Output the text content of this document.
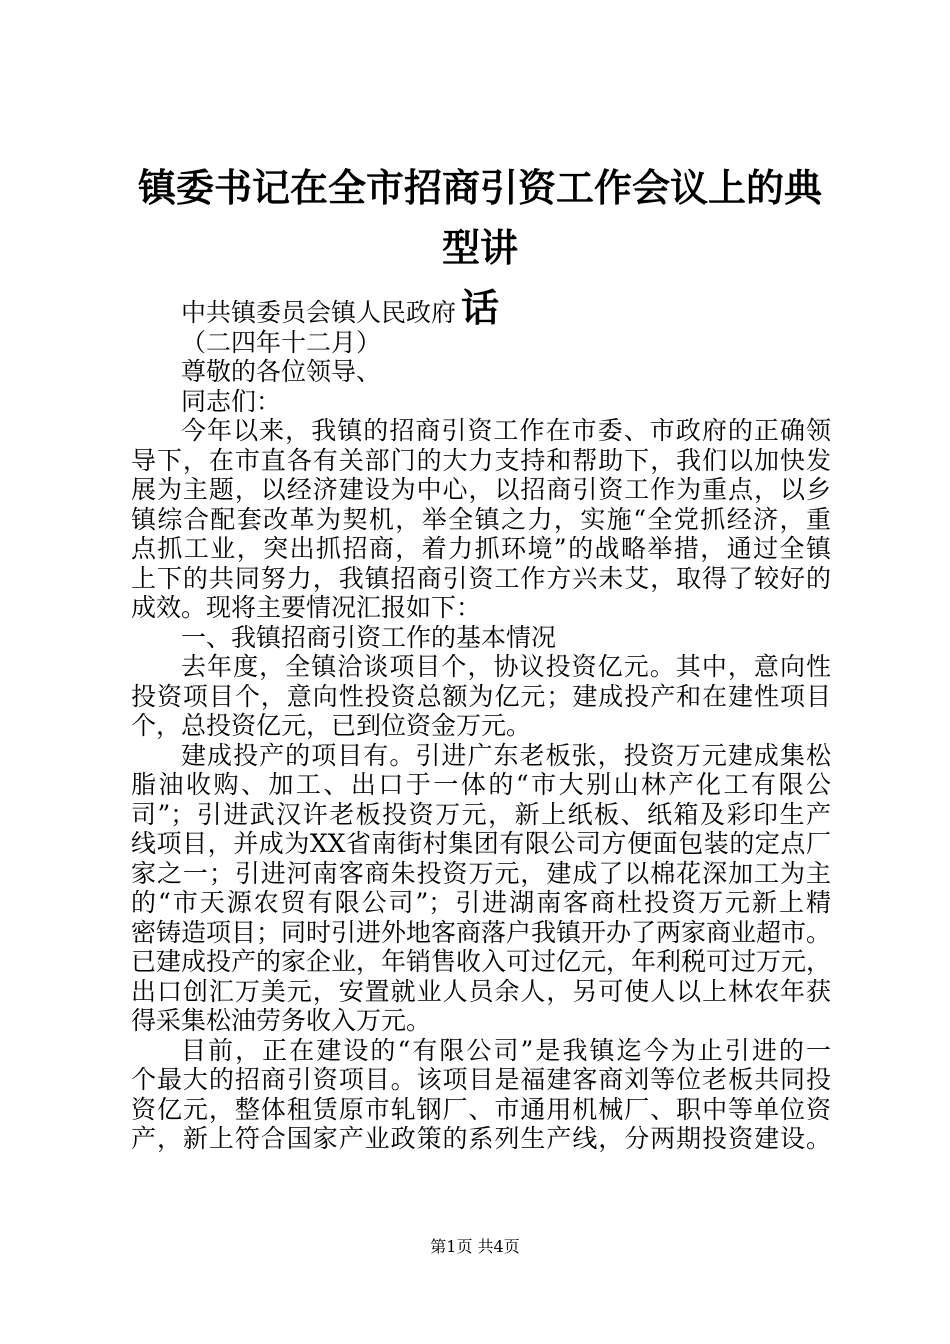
镇委书记在全市招商引资工作会议上的典型讲
话
中共镇委员会镇人民政府
（二四年十二月）
尊敬的各位领导、
同志们：
今年以来，我镇的招商引资工作在市委、市政府的正确领
导下，在市直各有关部门的大力支持和帮助下，我们以加快发
展为主题，以经济建设为中心，以招商引资工作为重点，以乡
镇综合配套改革为契机，举全镇之力，实施“全党抓经济，重
点抓工业，突出抓招商，着力抓环境”的战略举措，通过全镇
上下的共同努力，我镇招商引资工作方兴未艾，取得了较好的
成效。现将主要情况汇报如下：
一、我镇招商引资工作的基本情况
去年度，全镇洽谈项目个，协议投资亿元。其中，意向性
投资项目个，意向性投资总额为亿元；建成投产和在建性项目
个，总投资亿元，已到位资金万元。
建成投产的项目有。引进广东老板张，投资万元建成集松
脂油收购、加工、出口于一体的“市大别山林产化工有限公
司”；引进武汉许老板投资万元，新上纸板、纸箱及彩印生产
线项目，并成为XX省南街村集团有限公司方便面包装的定点厂
家之一；引进河南客商朱投资万元，建成了以棉花深加工为主
的“市天源农贸有限公司”；引进湖南客商杜投资万元新上精
密铸造项目；同时引进外地客商落户我镇开办了两家商业超市。
已建成投产的家企业，年销售收入可过亿元，年利税可过万元，
出口创汇万美元，安置就业人员余人，另可使人以上林农年获
得采集松油劳务收入万元。
目前，正在建设的“有限公司”是我镇迄今为止引进的一
个最大的招商引资项目。该项目是福建客商刘等位老板共同投
资亿元，整体租赁原市轧钢厂、市通用机械厂、职中等单位资
产，新上符合国家产业政策的系列生产线，分两期投资建设。
第1页 共4页
